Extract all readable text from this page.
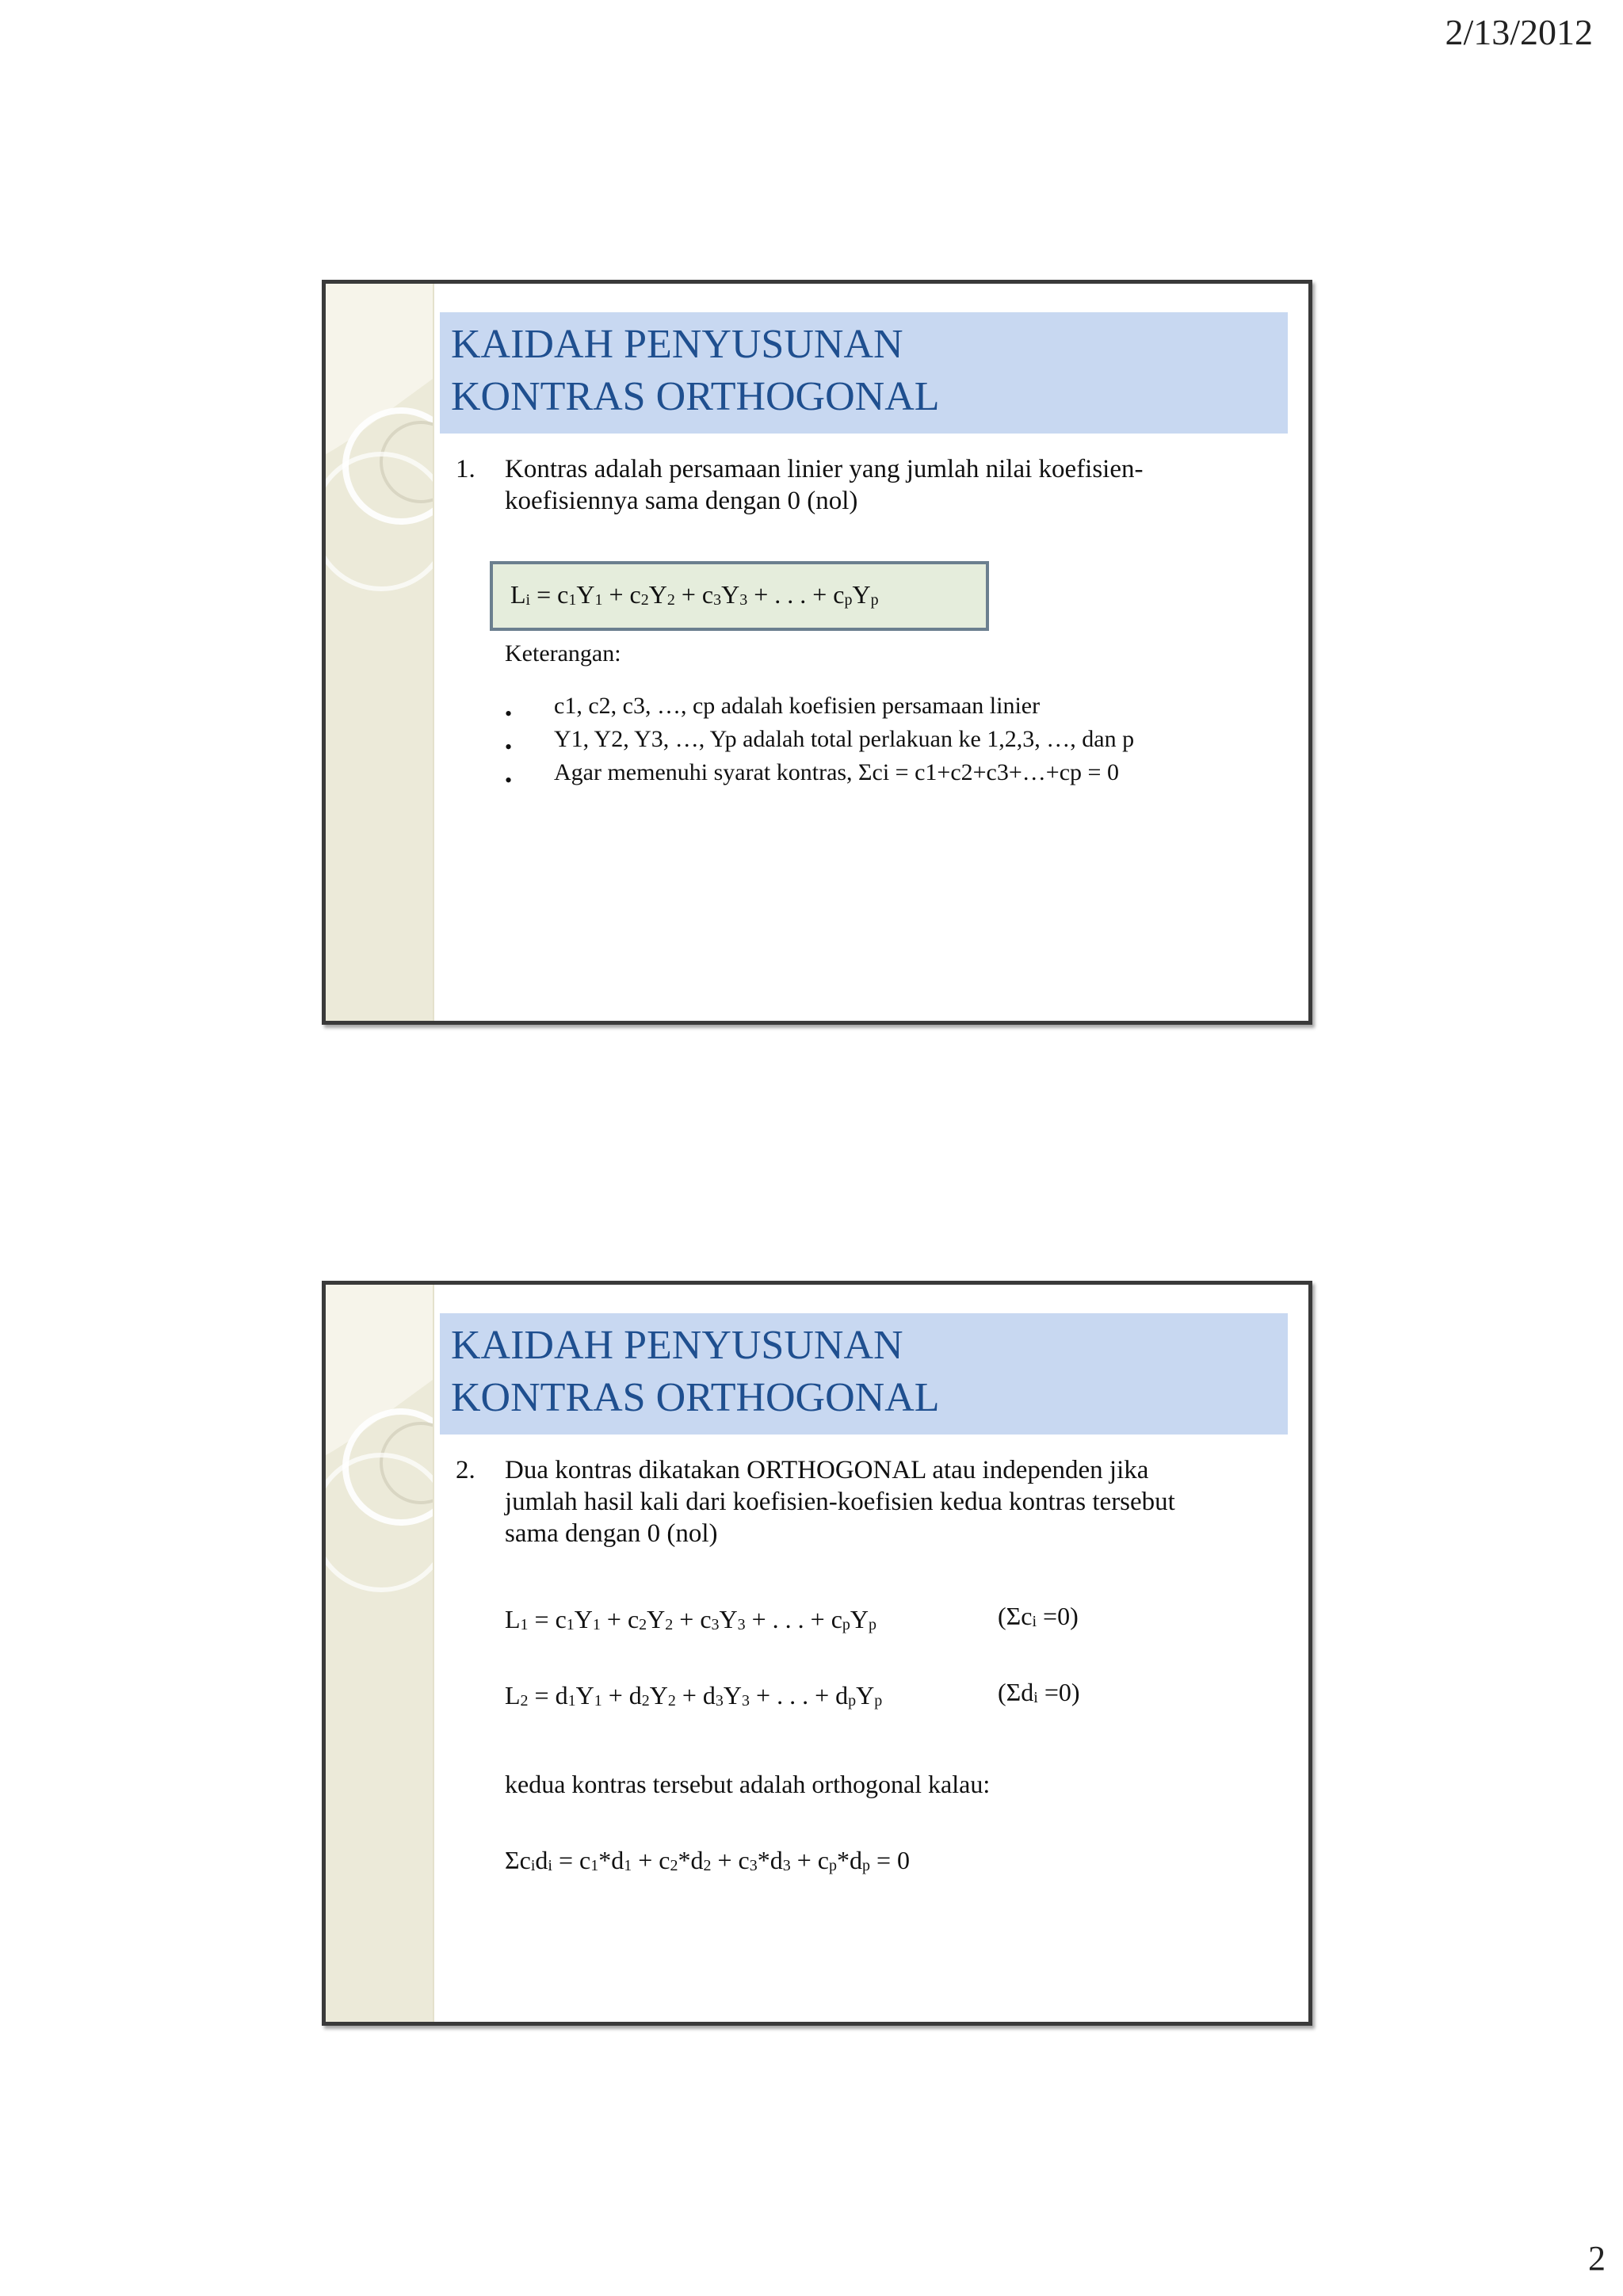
2/13/2012
KAIDAH PENYUSUNAN
KONTRAS ORTHOGONAL
1. Kontras adalah persamaan linier yang jumlah nilai koefisien-
koefisiennya sama dengan 0 (nol)
Li = c1Y1 + c2Y2 + c3Y3 + . . . + cpYp
Keterangan:
• c1, c2, c3, …, cp adalah koefisien persamaan linier
• Y1, Y2, Y3, …, Yp adalah total perlakuan ke 1,2,3, …, dan p
• Agar memenuhi syarat kontras, Σci = c1+c2+c3+…+cp = 0
KAIDAH PENYUSUNAN
KONTRAS ORTHOGONAL
2. Dua kontras dikatakan ORTHOGONAL atau independen jika
jumlah hasil kali dari koefisien-koefisien kedua kontras tersebut
sama dengan 0 (nol)
L1 = c1Y1 + c2Y2 + c3Y3 + . . . + cpYp	(Σci =0)
L2 = d1Y1 + d2Y2 + d3Y3 + . . . + dpYp	(Σdi =0)
kedua kontras tersebut adalah orthogonal kalau:
Σcidi = c1*d1 + c2*d2 + c3*d3 + cp*dp = 0
2
